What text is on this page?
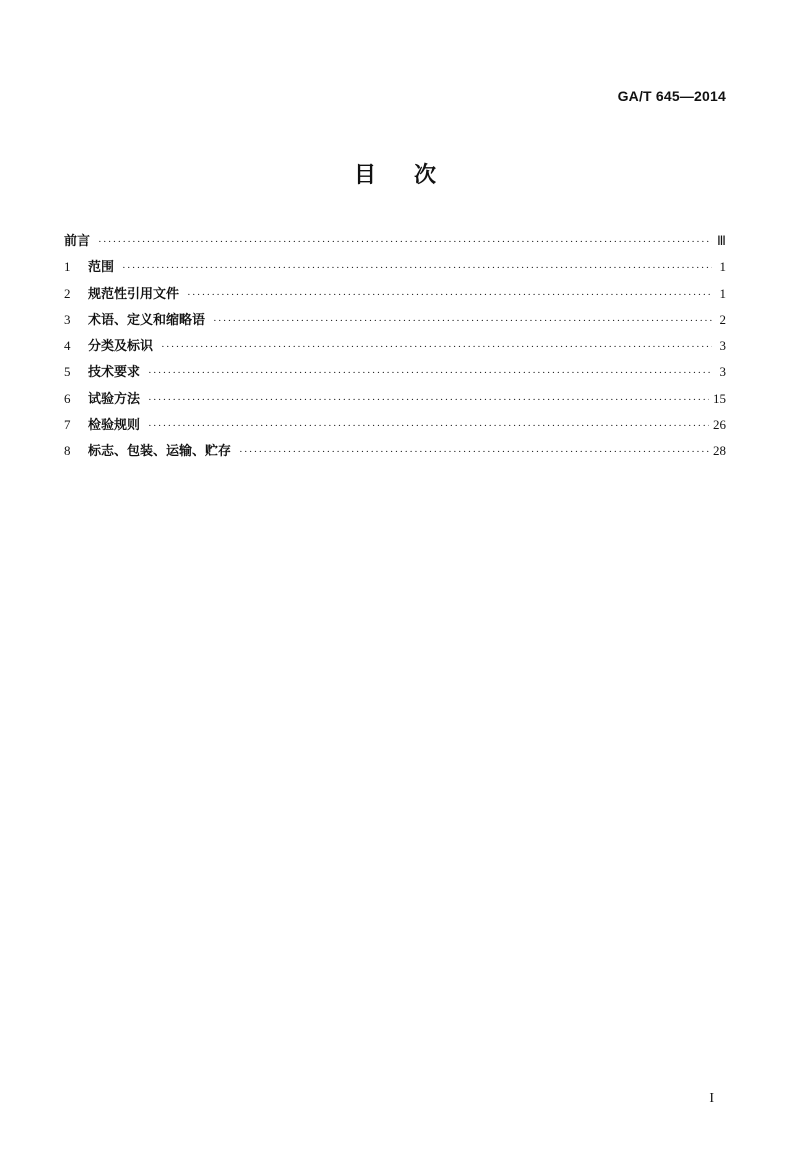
GA/T 645—2014
目次
前言 ·····	Ⅲ
1	范围 ·····	1
2	规范性引用文件 ·····	1
3	术语、定义和缩略语 ·····	2
4	分类及标识 ·····	3
5	技术要求 ·····	3
6	试验方法 ·····	15
7	检验规则 ·····	26
8	标志、包装、运输、贮存 ·····	28
I
